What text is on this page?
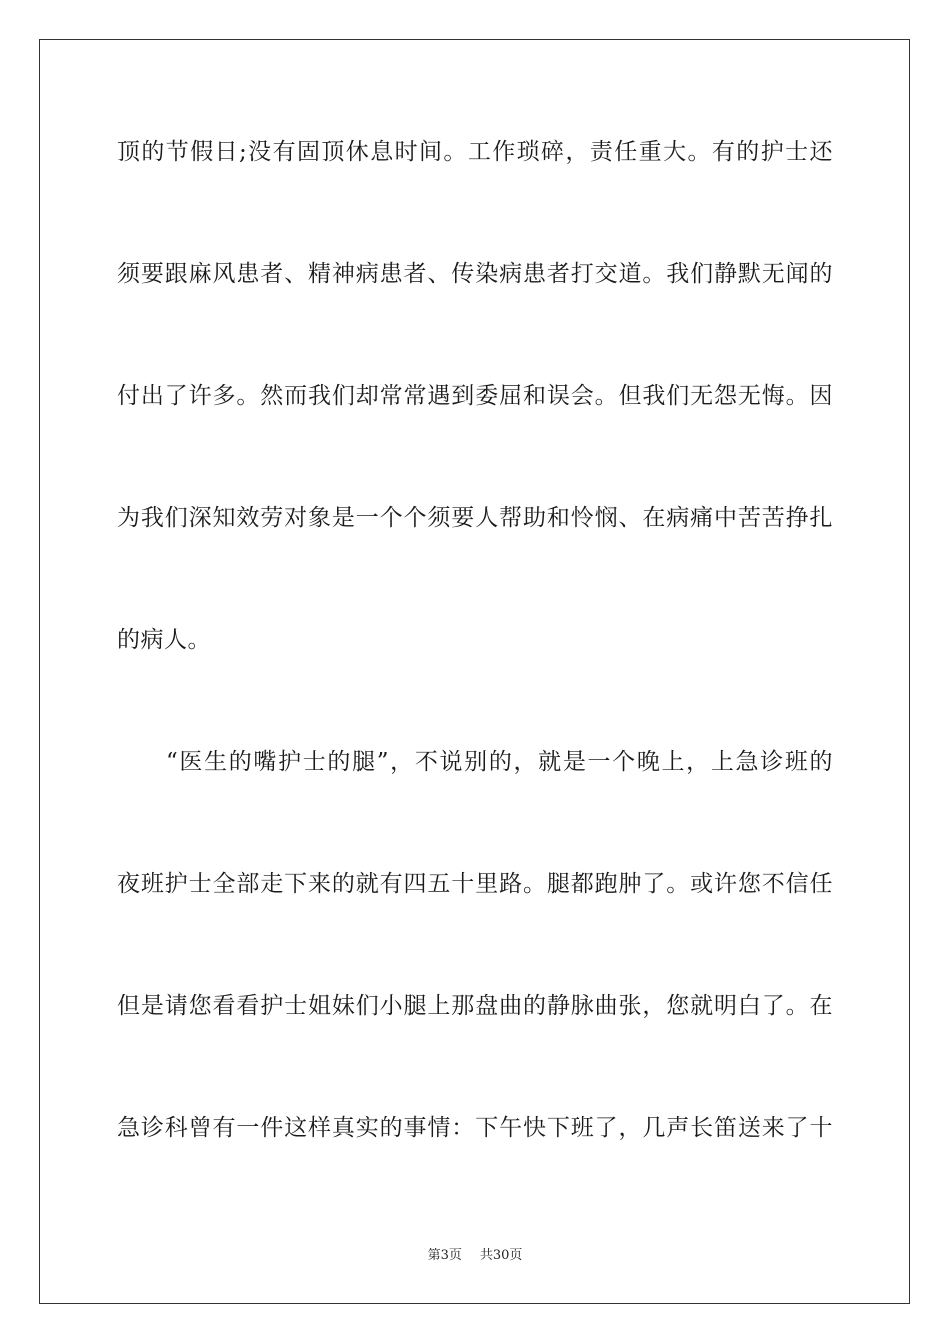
顶的节假日;没有固顶休息时间。工作琐碎，责任重大。有的护士还
须要跟麻风患者、精神病患者、传染病患者打交道。我们静默无闻的
付出了许多。然而我们却常常遇到委屈和误会。但我们无怨无悔。因
为我们深知效劳对象是一个个须要人帮助和怜悯、在病痛中苦苦挣扎
的病人。
“医生的嘴护士的腿”，不说别的，就是一个晚上，上急诊班的
夜班护士全部走下来的就有四五十里路。腿都跑肿了。或许您不信任
但是请您看看护士姐妹们小腿上那盘曲的静脉曲张，您就明白了。在
急诊科曾有一件这样真实的事情：下午快下班了，几声长笛送来了十
第3页 共30页
